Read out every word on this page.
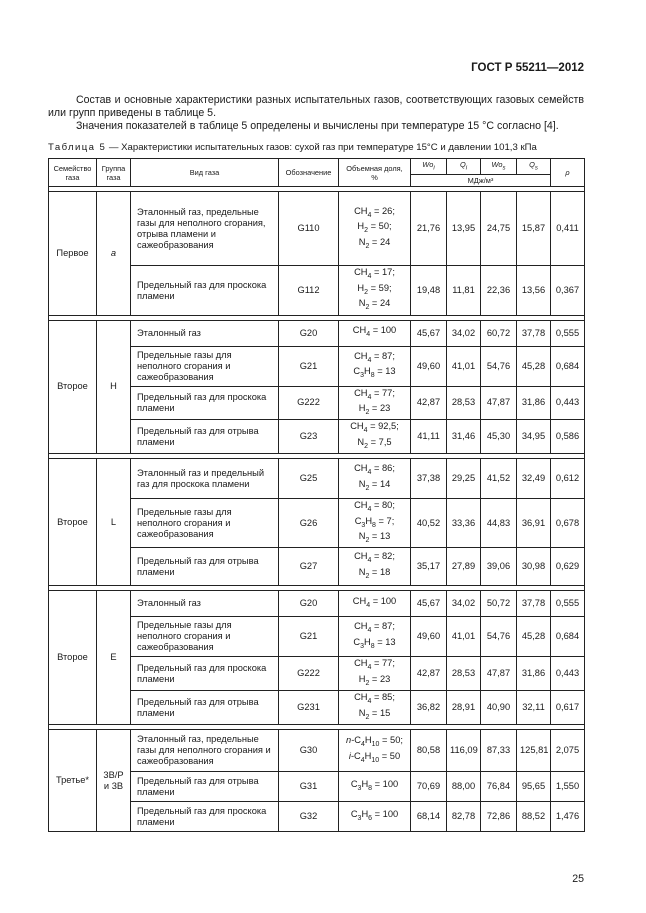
ГОСТ Р 55211—2012
Состав и основные характеристики разных испытательных газов, соответствующих газовых семейств или групп приведены в таблице 5.
Значения показателей в таблице 5 определены и вычислены при температуре 15 °С согласно [4].
Таблица 5 — Характеристики испытательных газов: сухой газ при температуре 15°С и давлении 101,3 кПа
Семейство газа	Группа газа	Вид газа	Обозначение	Объемная доля, %	$Wo_i$	$Q_i$	$Wo_s$	$Q_s$	ρ
					МДж/м³				

Первое	a	Эталонный газ, предельные газы для неполного сгорания, отрыва пламени и сажеобразования	G110	$CH_4 = 26$;
$H_2 = 50$;
$N_2 = 24$	21,76	13,95	24,75	15,87	0,411
		Предельный газ для проскока пламени	G112	$CH_4 = 17$;
$H_2 = 59$;
$N_2 = 24$	19,48	11,81	22,36	13,56	0,367

Второе	H	Эталонный газ	G20	$CH_4 = 100$	45,67	34,02	60,72	37,78	0,555
		Предельные газы для неполного сгорания и сажеобразования	G21	$CH_4 = 87$;
$C_3H_8 = 13$	49,60	41,01	54,76	45,28	0,684
		Предельный газ для проскока пламени	G222	$CH_4 = 77$;
$H_2 = 23$	42,87	28,53	47,87	31,86	0,443
		Предельный газ для отрыва пламени	G23	$CH_4 = 92,5$;
$N_2 = 7,5$	41,11	31,46	45,30	34,95	0,586

Второе	L	Эталонный газ и предельный газ для проскока пламени	G25	$CH_4 = 86$;
$N_2 = 14$	37,38	29,25	41,52	32,49	0,612
		Предельные газы для неполного сгорания и сажеобразования	G26	$CH_4 = 80$;
$C_3H_8 = 7$;
$N_2 = 13$	40,52	33,36	44,83	36,91	0,678
		Предельный газ для отрыва пламени	G27	$CH_4 = 82$;
$N_2 = 18$	35,17	27,89	39,06	30,98	0,629

Второе	E	Эталонный газ	G20	$CH_4 = 100$	45,67	34,02	50,72	37,78	0,555
		Предельные газы для неполного сгорания и сажеобразования	G21	$CH_4 = 87$;
$C_3H_8 = 13$	49,60	41,01	54,76	45,28	0,684
		Предельный газ для проскока пламени	G222	$CH_4 = 77$;
$H_2 = 23$	42,87	28,53	47,87	31,86	0,443
		Предельный газ для отрыва пламени	G231	$CH_4 = 85$;
$N_2 = 15$	36,82	28,91	40,90	32,11	0,617

Третье*	3B/P и 3B	Эталонный газ, предельные газы для неполного сгорания и сажеобразования	G30	$n-C_4H_{10} = 50$;
$i-C_4H_{10} = 50$	80,58	116,09	87,33	125,81	2,075
		Предельный газ для отрыва пламени	G31	$C_3H_8 = 100$	70,69	88,00	76,84	95,65	1,550
		Предельный газ для проскока пламени	G32	$C_3H_6 = 100$	68,14	82,78	72,86	88,52	1,476
25
